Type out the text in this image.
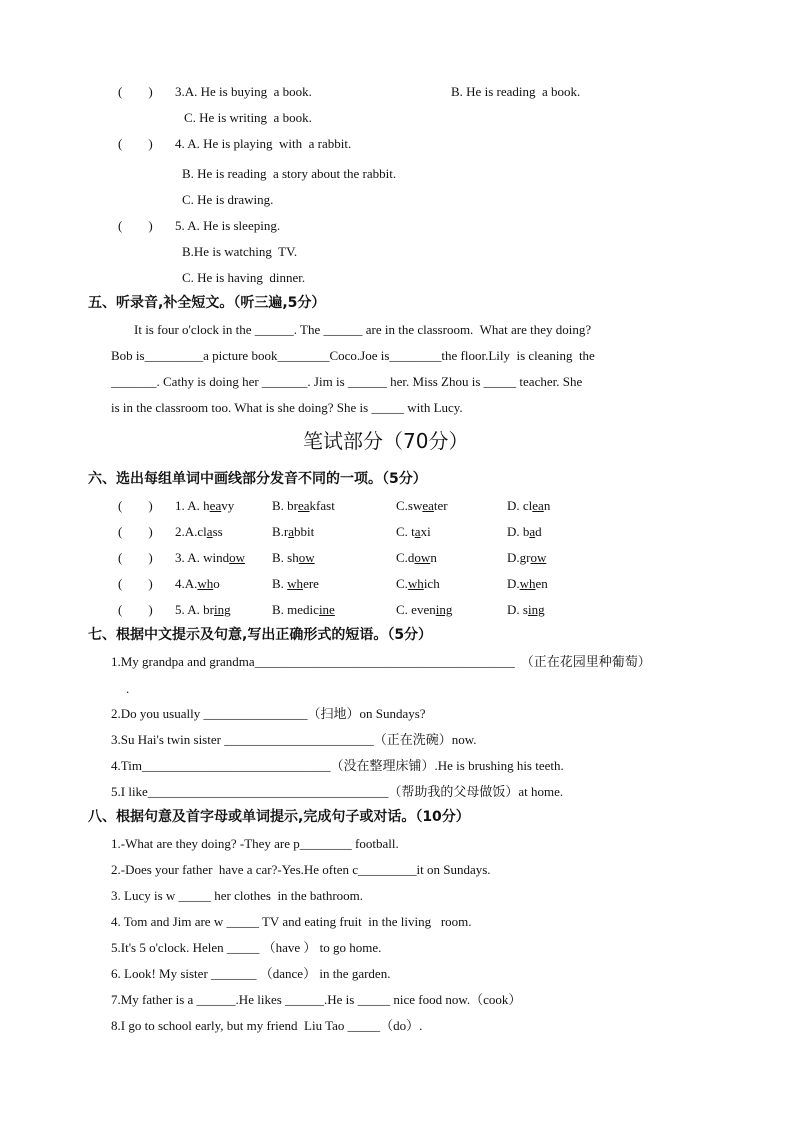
(        ) 3.A. He is buying  a book.	B. He is reading  a book.
C. He is writing  a book.
(        ) 4. A. He is playing  with  a rabbit.
B. He is reading  a story about the rabbit.
C. He is drawing.
(        ) 5. A. He is sleeping.
B.He is watching  TV.
C. He is having  dinner.
五、听录音,补全短文。（听三遍,5分）
It is four o'clock in the ______. The ______ are in the classroom.  What are they doing?
Bob is_________a picture book________Coco.Joe is________the floor.Lily  is cleaning  the
_______. Cathy is doing her _______. Jim is ______ her. Miss Zhou is _____ teacher. She
is in the classroom too. What is she doing? She is _____ with Lucy.
笔试部分（70分）
六、选出每组单词中画线部分发音不同的一项。（5分）
(        ) 1. A. heavy	B. breakfast	C.sweater	D. clean
(        ) 2.A.class	B.rabbit	C. taxi	D. bad
(        ) 3. A. window B. show	C.down	D.grow
(        ) 4.A.who	B. where	C.which	D.when
(        ) 5. A. bring	B. medicine	C. evening	D. sing
七、根据中文提示及句意,写出正确形式的短语。（5分）
1.My grandpa and grandma________________________________________ （正在花园里种葡萄）
.
2.Do you usually ________________（扫地）on Sundays?
3.Su Hai's twin sister _______________________（正在洗碗）now.
4.Tim_____________________________（没在整理床铺）.He is brushing his teeth.
5.I like_____________________________________（帮助我的父母做饭）at home.
八、根据句意及首字母或单词提示,完成句子或对话。（10分）
1.-What are they doing? -They are p________ football.
2.-Does your father  have a car?-Yes.He often c_________it on Sundays.
3. Lucy is w _____ her clothes  in the bathroom.
4. Tom and Jim are w _____ TV and eating fruit  in the living   room.
5.It's 5 o'clock. Helen _____ （have ） to go home.
6. Look! My sister _______ （dance） in the garden.
7.My father is a ______.He likes ______.He is _____ nice food now.（cook）
8.I go to school early, but my friend  Liu Tao _____（do）.
